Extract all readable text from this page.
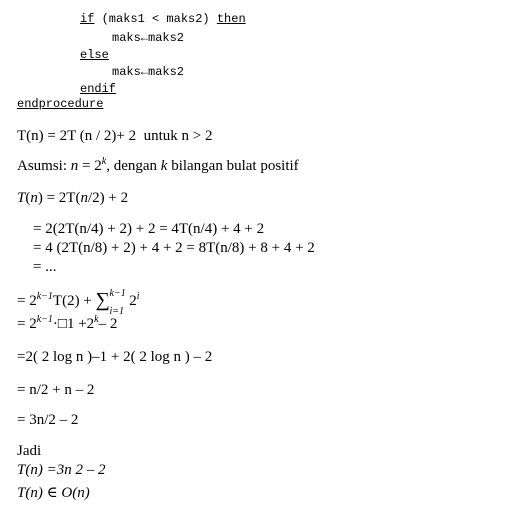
if (maks1 < maks2) then
maks←maks2
else
maks←maks2
endif
endprocedure
T(n) = 2T (n / 2)+ 2  untuk n > 2
Asumsi: $n = 2^k$, dengan k bilangan bulat positif
T(n) = 2T(n/2) + 2
= 2(2T(n/4) + 2) + 2 = 4T(n/4) + 4 + 2
= 4 (2T(n/8) + 2) + 4 + 2 = 8T(n/8) + 8 + 4 + 2
= ...
= $2^{k-1}T(2)$ + ∑ k−1
i=1
$2^i$
= $2^{k-1}\cdot□1 +2^k-$ 2
=2( 2 log n )–1 + 2( 2 log n ) – 2
= n/2 + n – 2
= 3n/2 – 2
Jadi
T(n) =3n 2 – 2
T(n) ∈ O(n)
